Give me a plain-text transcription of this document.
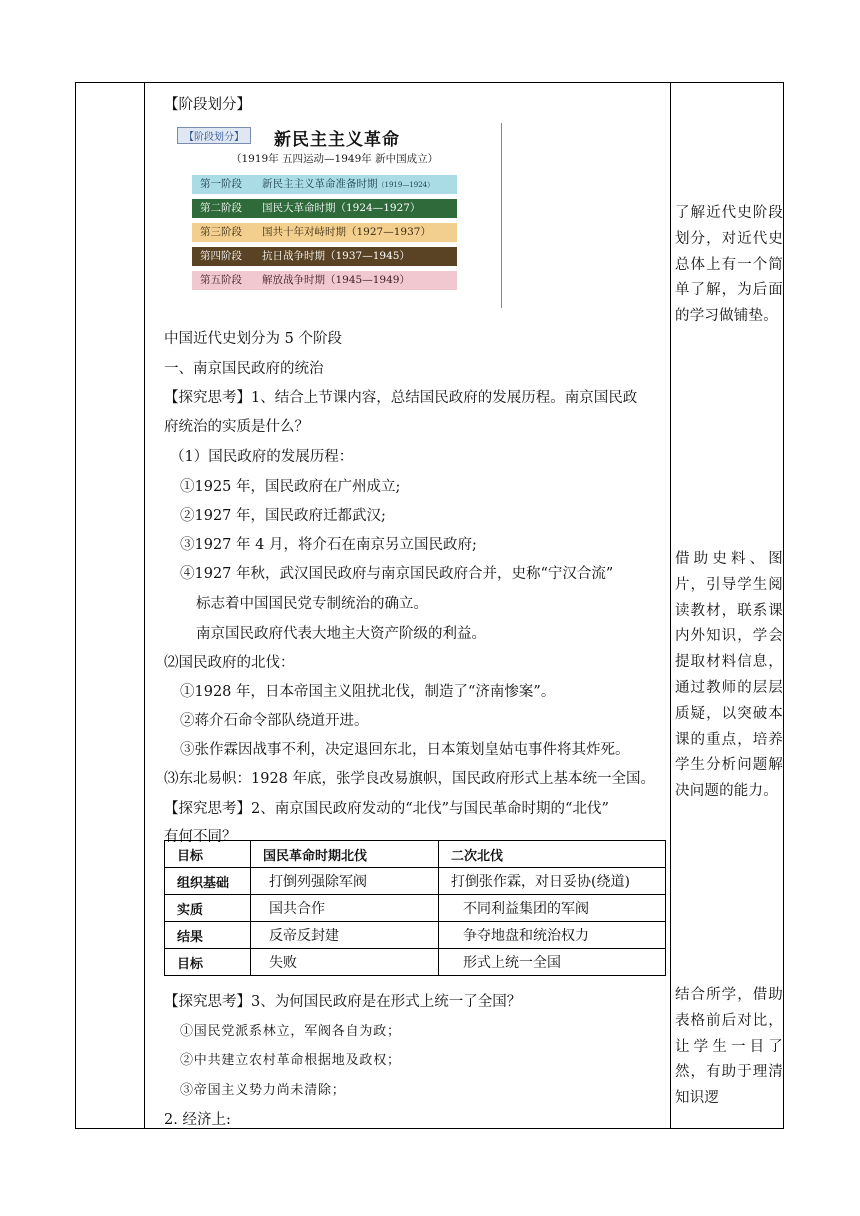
【阶段划分】
【阶段划分】	新民主主义革命
（1919年 五四运动—1949年 新中国成立）
第一阶段 新民主主义革命准备时期（1919—1924）
第二阶段 国民大革命时期（1924—1927）
第三阶段 国共十年对峙时期（1927—1937）
第四阶段 抗日战争时期（1937—1945）
第五阶段 解放战争时期（1945—1949）
中国近代史划分为 5 个阶段
一、南京国民政府的统治
【探究思考】1、结合上节课内容，总结国民政府的发展历程。南京国民政
府统治的实质是什么？
（1）国民政府的发展历程：
①1925 年，国民政府在广州成立;
②1927 年，国民政府迁都武汉;
③1927 年 4 月，将介石在南京另立国民政府;
④1927 年秋，武汉国民政府与南京国民政府合并，史称“宁汉合流”
标志着中国国民党专制统治的确立。
南京国民政府代表大地主大资产阶级的利益。
⑵国民政府的北伐：
①1928 年，日本帝国主义阻扰北伐，制造了“济南惨案”。
②蒋介石命令部队绕道开进。
③张作霖因战事不利，决定退回东北，日本策划皇姑屯事件将其炸死。
⑶东北易帜：1928 年底，张学良改易旗帜，国民政府形式上基本统一全国。
【探究思考】2、南京国民政府发动的“北伐”与国民革命时期的“北伐”
有何不同？
目标	国民革命时期北伐	二次北伐
组织基础	打倒列强除军阀	打倒张作霖，对日妥协(绕道)
实质	国共合作	不同利益集团的军阀
结果	反帝反封建	争夺地盘和统治权力
目标	失败	形式上统一全国
【探究思考】3、为何国民政府是在形式上统一了全国？
①国民党派系林立，军阀各自为政；
②中共建立农村革命根据地及政权；
③帝国主义势力尚未清除；
2. 经济上:
了解近代史阶段划分，对近代史总体上有一个简单了解，为后面的学习做铺垫。
借助史料、图片，引导学生阅读教材，联系课内外知识，学会提取材料信息，通过教师的层层质疑，以突破本课的重点，培养学生分析问题解决问题的能力。
结合所学，借助表格前后对比，让学生一目了然，有助于理清知识逻
